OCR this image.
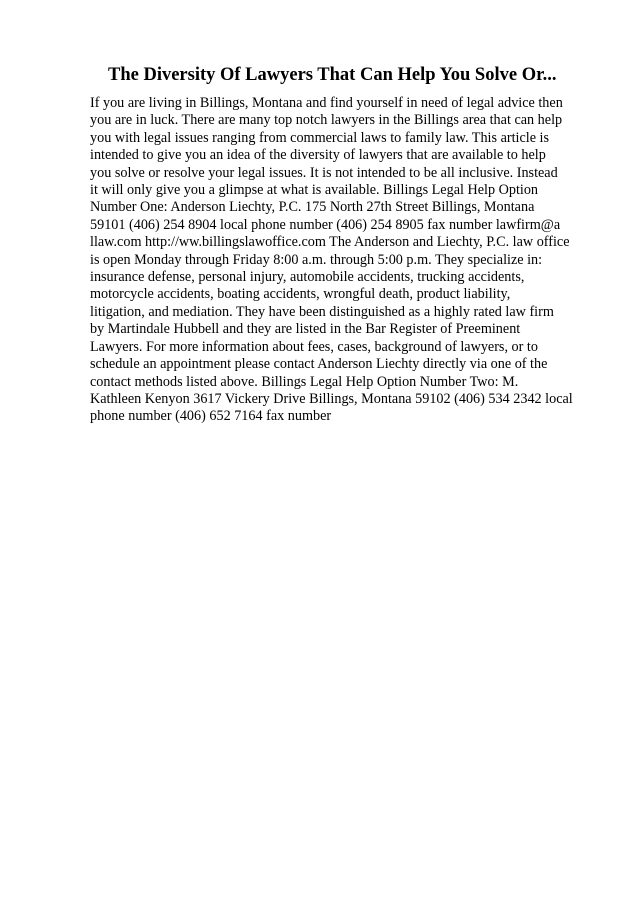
The Diversity Of Lawyers That Can Help You Solve Or...
If you are living in Billings, Montana and find yourself in need of legal advice then
you are in luck. There are many top notch lawyers in the Billings area that can help
you with legal issues ranging from commercial laws to family law. This article is
intended to give you an idea of the diversity of lawyers that are available to help
you solve or resolve your legal issues. It is not intended to be all inclusive. Instead
it will only give you a glimpse at what is available. Billings Legal Help Option
Number One: Anderson Liechty, P.C. 175 North 27th Street Billings, Montana
59101 (406) 254 8904 local phone number (406) 254 8905 fax number lawfirm@a
llaw.com http://ww.billingslawoffice.com The Anderson and Liechty, P.C. law office
is open Monday through Friday 8:00 a.m. through 5:00 p.m. They specialize in:
insurance defense, personal injury, automobile accidents, trucking accidents,
motorcycle accidents, boating accidents, wrongful death, product liability,
litigation, and mediation. They have been distinguished as a highly rated law firm
by Martindale Hubbell and they are listed in the Bar Register of Preeminent
Lawyers. For more information about fees, cases, background of lawyers, or to
schedule an appointment please contact Anderson Liechty directly via one of the
contact methods listed above. Billings Legal Help Option Number Two: M.
Kathleen Kenyon 3617 Vickery Drive Billings, Montana 59102 (406) 534 2342 local
phone number (406) 652 7164 fax number
